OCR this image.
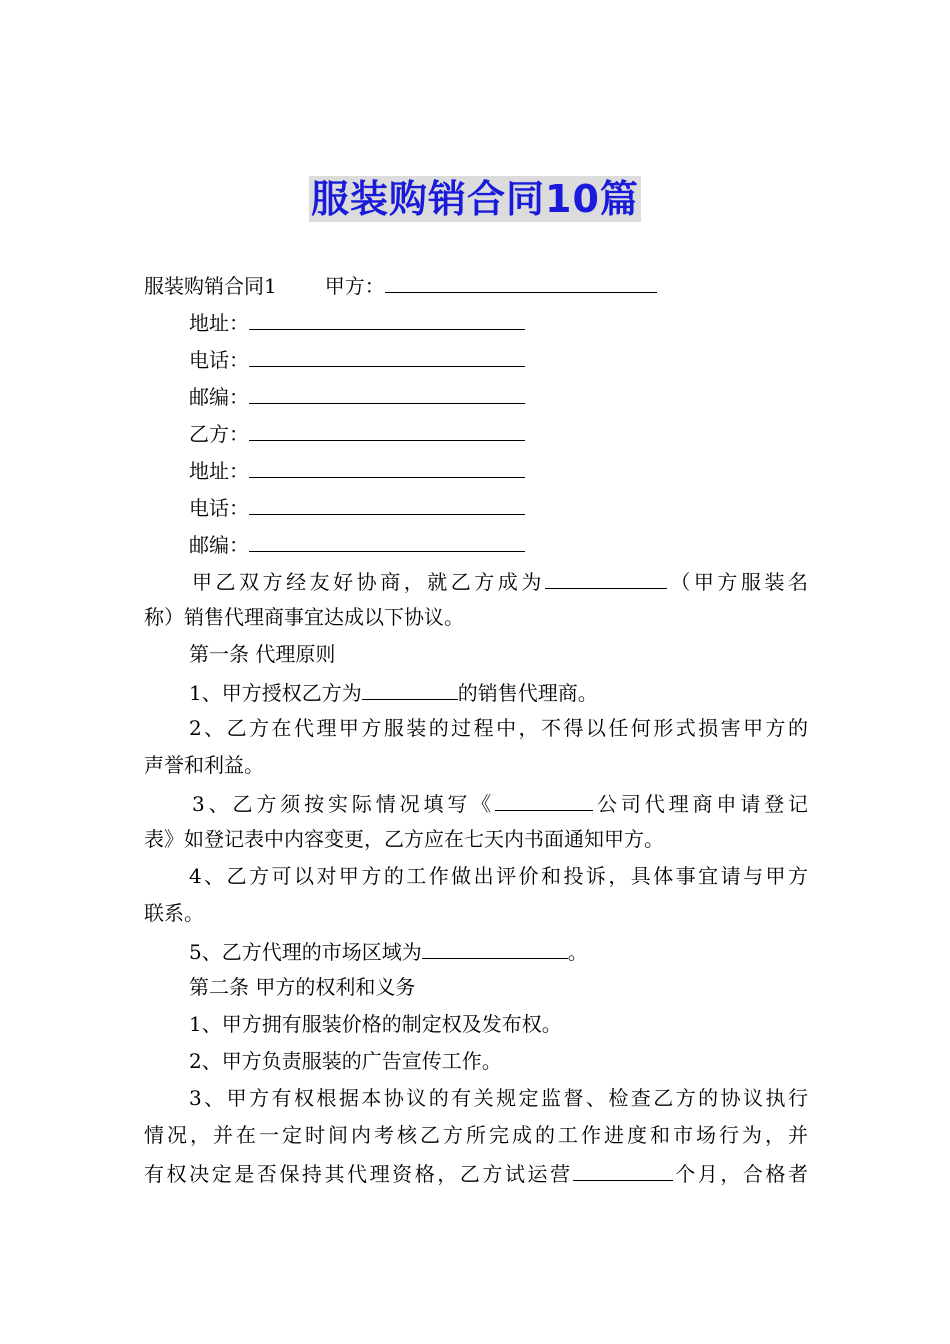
服装购销合同10篇
服装购销合同1 甲方：
地址：
电话：
邮编：
乙方：
地址：
电话：
邮编：
甲乙双方经友好协商，就乙方成为	（甲方服装名
称）销售代理商事宜达成以下协议。
第一条 代理原则
1、甲方授权乙方为	的销售代理商。
2、乙方在代理甲方服装的过程中，不得以任何形式损害甲方的
声誉和利益。
3、乙方须按实际情况填写《	公司代理商申请登记
表》如登记表中内容变更，乙方应在七天内书面通知甲方。
4、乙方可以对甲方的工作做出评价和投诉，具体事宜请与甲方
联系。
5、乙方代理的市场区域为	。
第二条 甲方的权利和义务
1、甲方拥有服装价格的制定权及发布权。
2、甲方负责服装的广告宣传工作。
3、甲方有权根据本协议的有关规定监督、检查乙方的协议执行
情况，并在一定时间内考核乙方所完成的工作进度和市场行为，并
有权决定是否保持其代理资格，乙方试运营	个月，合格者
